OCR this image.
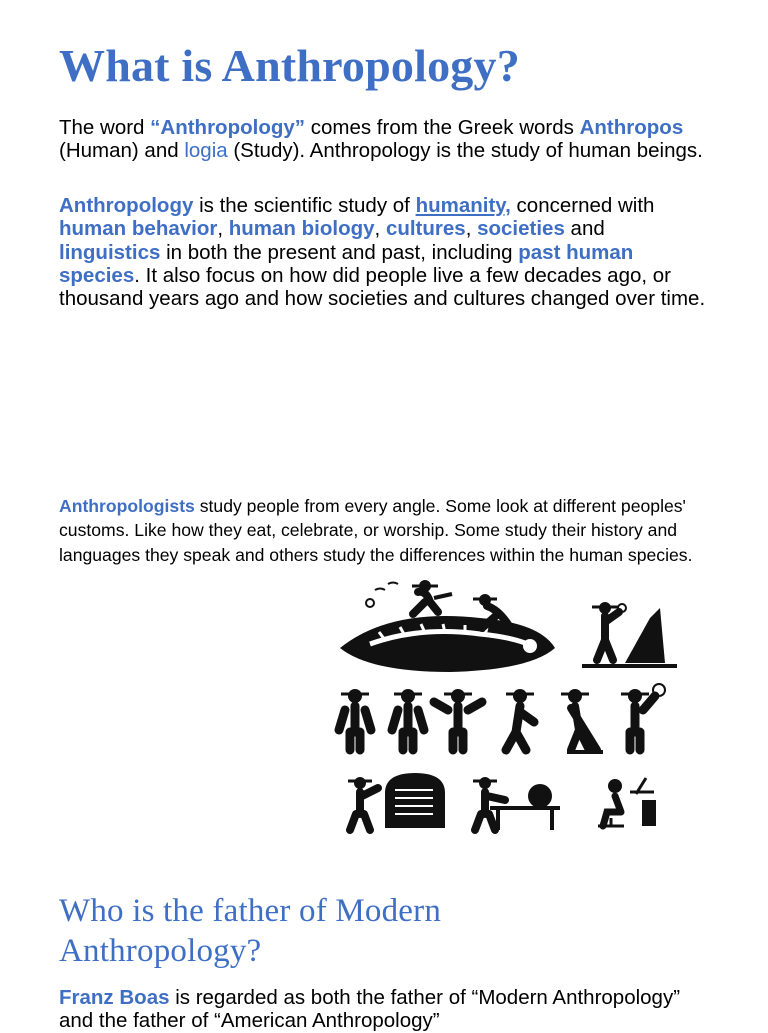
What is Anthropology?

The word “Anthropology” comes from the Greek words Anthropos (Human) and logia (Study). Anthropology is the study of human beings.

Anthropology is the scientific study of humanity, concerned with human behavior, human biology, cultures, societies and linguistics in both the present and past, including past human species. It also focus on how did people live a few decades ago, or thousand years ago and how societies and cultures changed over time.

Anthropologists study people from every angle. Some look at different peoples' customs. Like how they eat, celebrate, or worship. Some study their history and languages they speak and others study the differences within the human species.

Who is the father of Modern Anthropology?

Franz Boas is regarded as both the father of “Modern Anthropology” and the father of “American Anthropology”
